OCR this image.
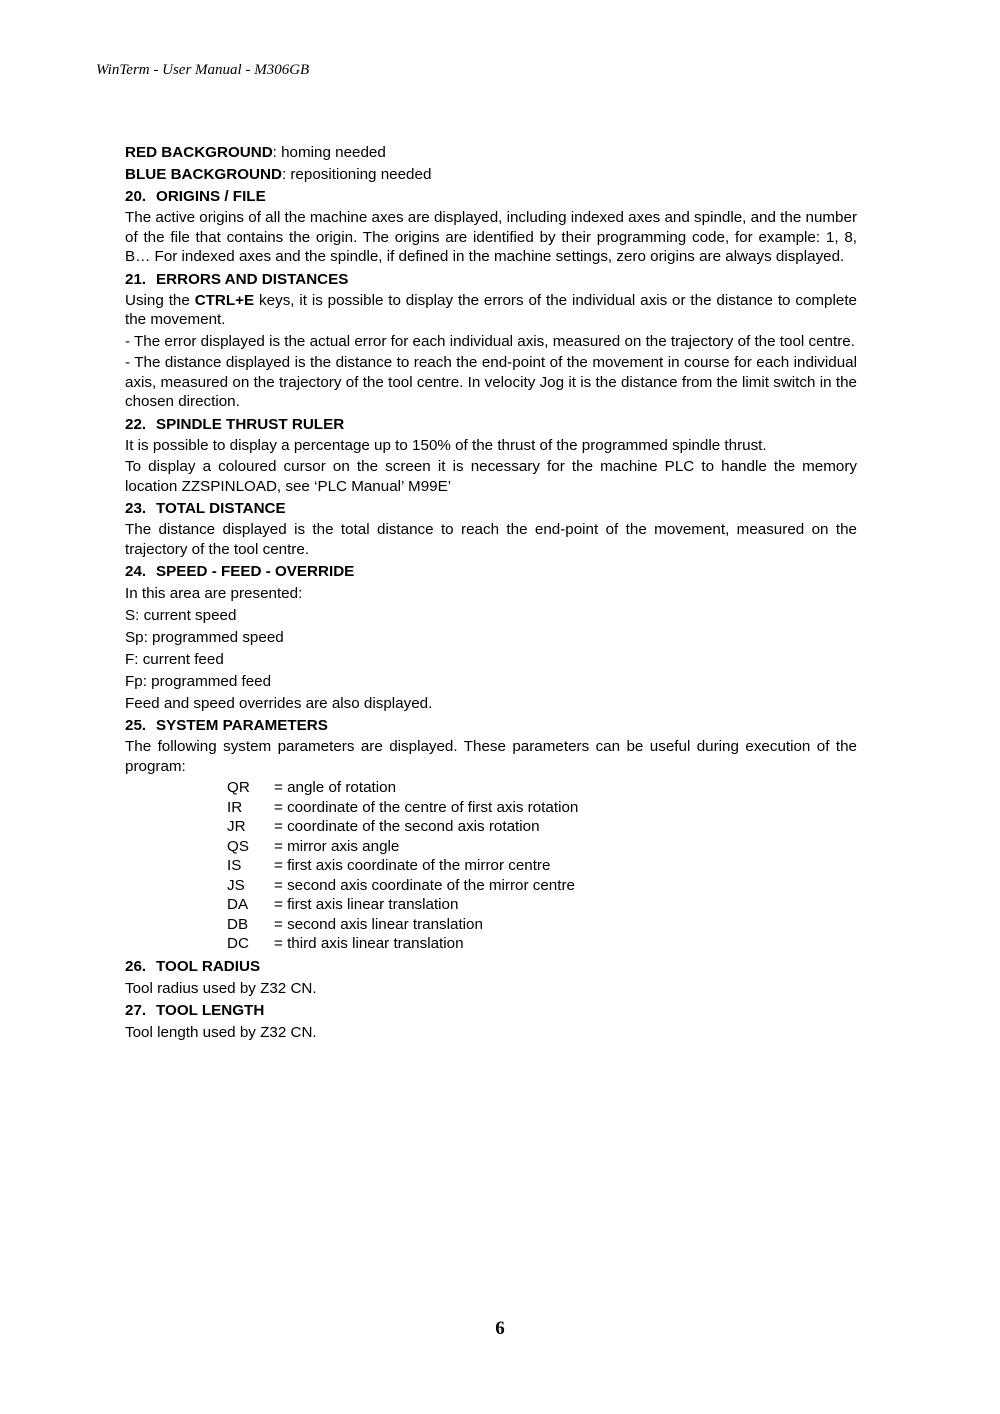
WinTerm - User Manual - M306GB
RED BACKGROUND: homing needed
BLUE BACKGROUND: repositioning needed
20. ORIGINS / FILE
The active origins of all the machine axes are displayed, including indexed axes and spindle, and the number of the file that contains the origin. The origins are identified by their programming code, for example: 1, 8, B… For indexed axes and the spindle, if defined in the machine settings, zero origins are always displayed.
21. ERRORS AND DISTANCES
Using the CTRL+E keys, it is possible to display the errors of the individual axis or the distance to complete the movement.
- The error displayed is the actual error for each individual axis, measured on the trajectory of the tool centre.
- The distance displayed is the distance to reach the end-point of the movement in course for each individual axis, measured on the trajectory of the tool centre. In velocity Jog it is the distance from the limit switch in the chosen direction.
22. SPINDLE THRUST RULER
It is possible to display a percentage up to 150% of the thrust of the programmed spindle thrust.
To display a coloured cursor on the screen it is necessary for the machine PLC to handle the memory location ZZSPINLOAD, see ‘PLC Manual’ M99E’
23. TOTAL DISTANCE
The distance displayed is the total distance to reach the end-point of the movement, measured on the trajectory of the tool centre.
24. SPEED - FEED - OVERRIDE
In this area are presented:
S: current speed
Sp: programmed speed
F: current feed
Fp: programmed feed
Feed and speed overrides are also displayed.
25. SYSTEM PARAMETERS
The following system parameters are displayed. These parameters can be useful during execution of the program:
QR	= angle of rotation
IR	= coordinate of the centre of first axis rotation
JR	= coordinate of the second axis rotation
QS	= mirror axis angle
IS	= first axis coordinate of the mirror centre
JS	= second axis coordinate of the mirror centre
DA	= first axis linear translation
DB	= second axis linear translation
DC	= third axis linear translation
26. TOOL RADIUS
Tool radius used by Z32 CN.
27. TOOL LENGTH
Tool length used by Z32 CN.
6
